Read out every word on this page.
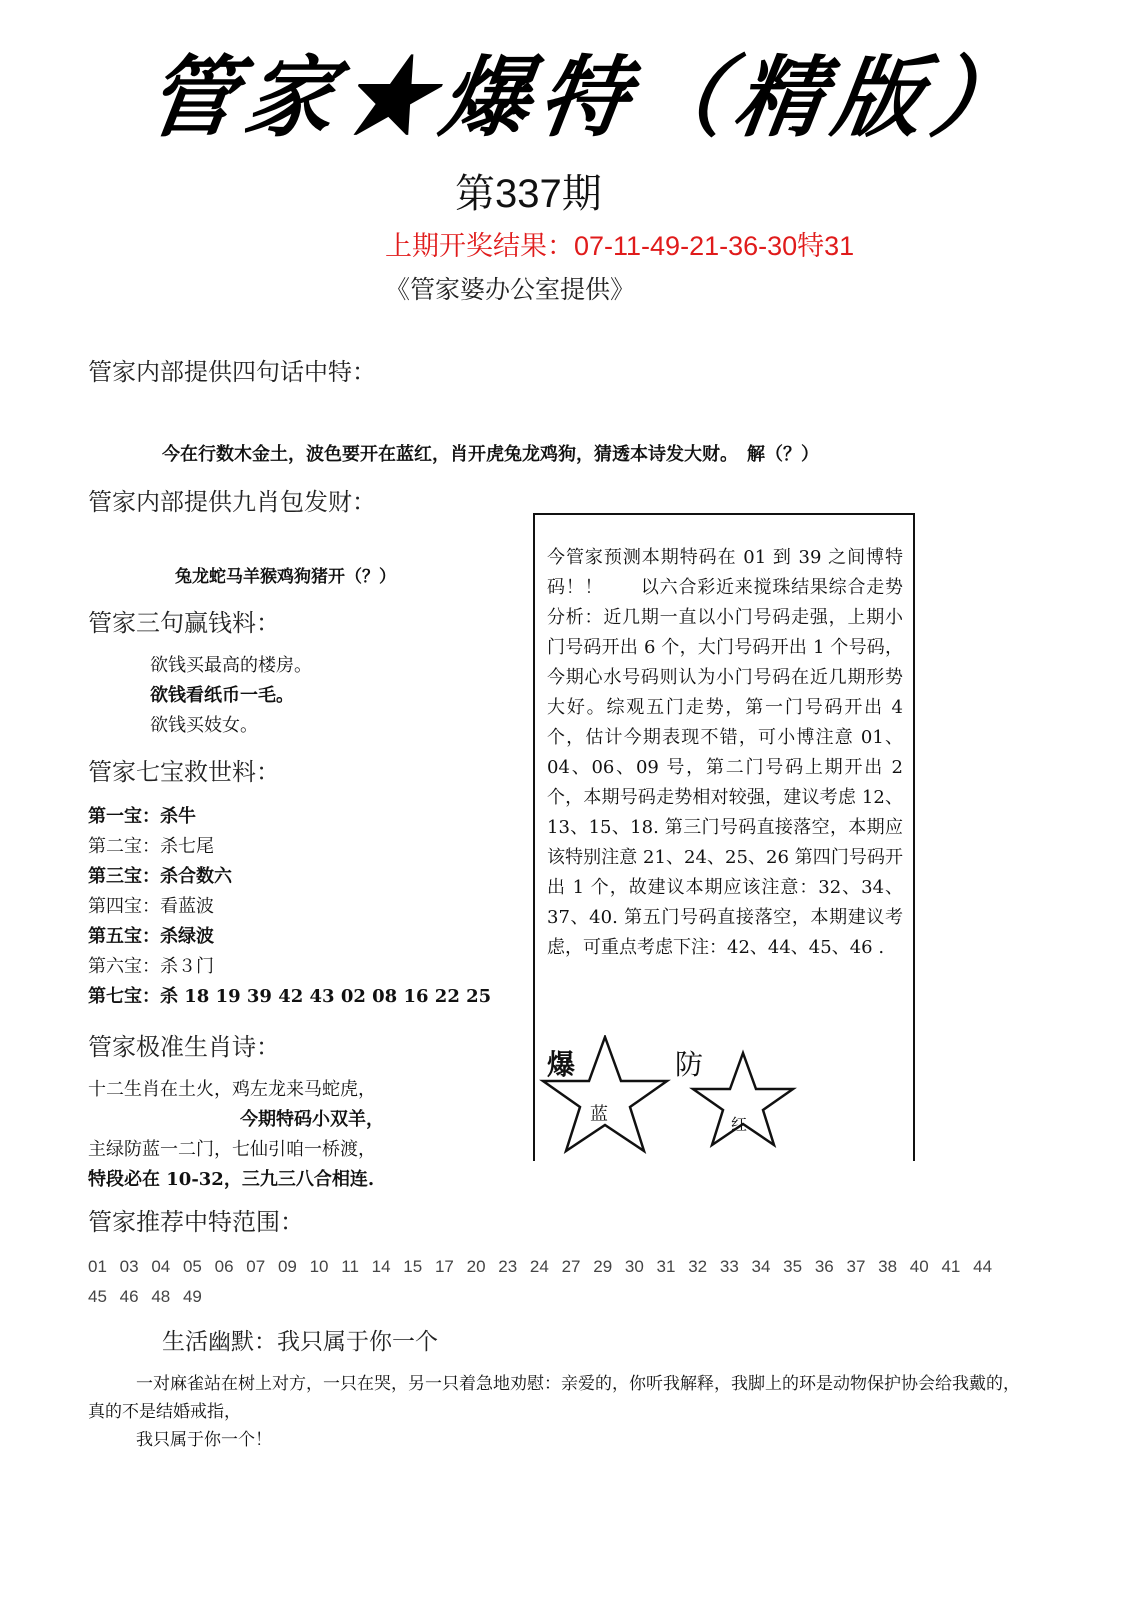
管家★爆特（精版）
第337期
上期开奖结果：07-11-49-21-36-30特31
《管家婆办公室提供》
管家内部提供四句话中特：
今在行数木金土，波色要开在蓝红，肖开虎兔龙鸡狗，猜透本诗发大财。　解（？）
管家内部提供九肖包发财：
兔龙蛇马羊猴鸡狗猪开（？）
管家三句赢钱料：
欲钱买最高的楼房。
欲钱看纸币一毛。
欲钱买妓女。
管家七宝救世料：
第一宝：杀牛
第二宝：杀七尾
第三宝：杀合数六
第四宝：看蓝波
第五宝：杀绿波
第六宝：杀３门
第七宝：杀 18 19 39 42 43 02 08 16 22 25
管家极准生肖诗：
十二生肖在土火，鸡左龙来马蛇虎，
今期特码小双羊，
主绿防蓝一二门，七仙引咱一桥渡，
特段必在 10-32，三九三八合相连.
今管家预测本期特码在 01 到 39 之间博特码！！　　以六合彩近来搅珠结果综合走势分析：近几期一直以小门号码走强，上期小门号码开出 6 个，大门号码开出 1 个号码，今期心水号码则认为小门号码在近几期形势大好。综观五门走势，第一门号码开出 4 个，估计今期表现不错，可小博注意 01、04、06、09 号，第二门号码上期开出 2 个，本期号码走势相对较强，建议考虑 12、13、15、18. 第三门号码直接落空，本期应该特别注意 21、24、25、26 第四门号码开出 1 个，故建议本期应该注意：32、34、37、40. 第五门号码直接落空，本期建议考虑，可重点考虑下注：42、44、45、46 .
爆	防
蓝	红
管家推荐中特范围：
01 03 04 05 06 07 09 10 11 14 15 17 20 23 24 27 29 30 31 32 33 34 35 36 37 38 40 41 44 45 46 48 49
生活幽默：我只属于你一个
一对麻雀站在树上对方，一只在哭，另一只着急地劝慰：亲爱的，你听我解释，我脚上的环是动物保护协会给我戴的，真的不是结婚戒指，
我只属于你一个！
